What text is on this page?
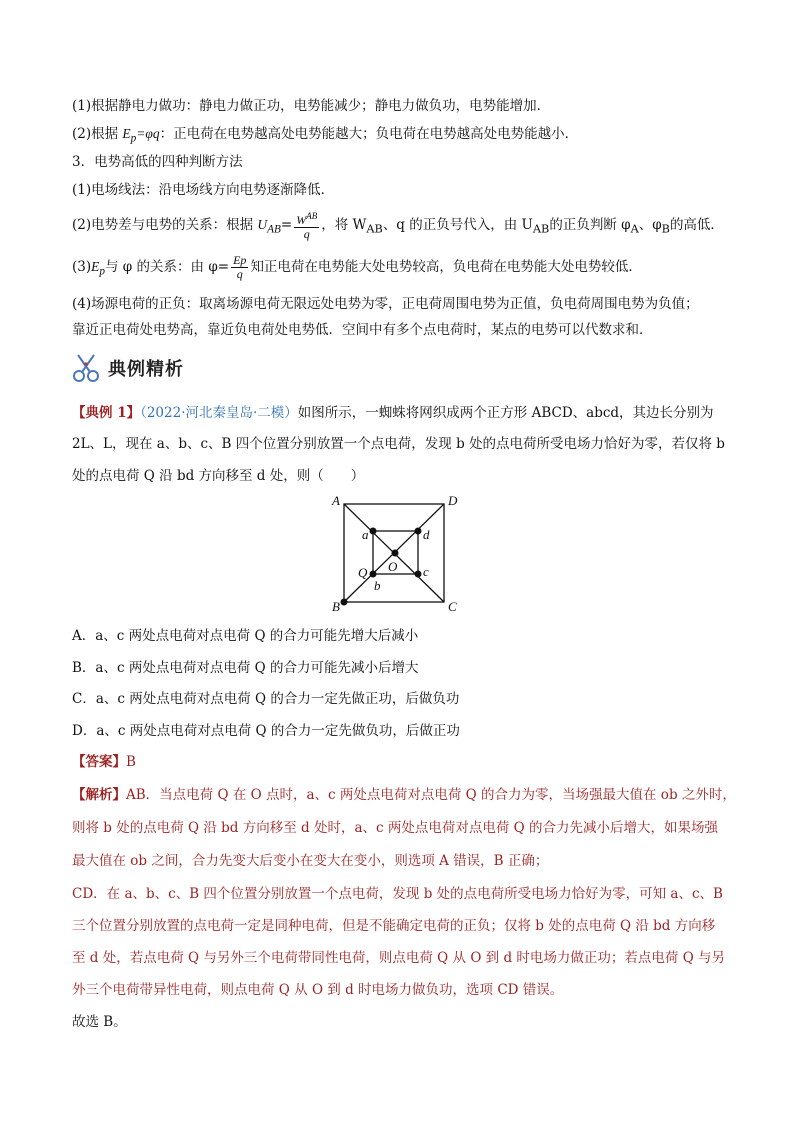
(1)根据静电力做功：静电力做正功，电势能减少；静电力做负功，电势能增加．
(2)根据 $E_p=\varphi q$：正电荷在电势越高处电势能越大；负电荷在电势越高处电势能越小．
3．电势高低的四种判断方法
(1)电场线法：沿电场线方向电势逐渐降低．
(2)电势差与电势的关系：根据 $U_{AB}= \frac{W^{AB}}{q}$ ，将 $W_{AB}$、q 的正负号代入，由 $U_{AB}$的正负判断 $\varphi_A$、$\varphi_B$的高低．
$(3)E_p$与 φ 的关系：由 $\varphi= \frac{Ep}{q}$ 知正电荷在电势能大处电势较高，负电荷在电势能大处电势较低．
(4)场源电荷的正负：取离场源电荷无限远处电势为零，正电荷周围电势为正值，负电荷周围电势为负值；
靠近正电荷处电势高，靠近负电荷处电势低．空间中有多个点电荷时，某点的电势可以代数求和．
典例精析
【典例 1】（2022·河北秦皇岛·二模）如图所示，一蜘蛛将网织成两个正方形 ABCD、abcd，其边长分别为
2L、L，现在 a、b、c、B 四个位置分别放置一个点电荷，发现 b 处的点电荷所受电场力恰好为零，若仅将 b
处的点电荷 Q 沿 bd 方向移至 d 处，则（　　）
A	D
B	C
a	d
c
b
O
Q
A．a、c 两处点电荷对点电荷 Q 的合力可能先增大后减小
B．a、c 两处点电荷对点电荷 Q 的合力可能先减小后增大
C．a、c 两处点电荷对点电荷 Q 的合力一定先做正功，后做负功
D．a、c 两处点电荷对点电荷 Q 的合力一定先做负功，后做正功
【答案】B
【解析】AB．当点电荷 Q 在 O 点时，a、c 两处点电荷对点电荷 Q 的合力为零，当场强最大值在 ob 之外时，
则将 b 处的点电荷 Q 沿 bd 方向移至 d 处时，a、c 两处点电荷对点电荷 Q 的合力先减小后增大，如果场强
最大值在 ob 之间，合力先变大后变小在变大在变小，则选项 A 错误，B 正确；
CD．在 a、b、c、B 四个位置分别放置一个点电荷，发现 b 处的点电荷所受电场力恰好为零，可知 a、c、B
三个位置分别放置的点电荷一定是同种电荷，但是不能确定电荷的正负；仅将 b 处的点电荷 Q 沿 bd 方向移
至 d 处，若点电荷 Q 与另外三个电荷带同性电荷，则点电荷 Q 从 O 到 d 时电场力做正功；若点电荷 Q 与另
外三个电荷带异性电荷，则点电荷 Q 从 O 到 d 时电场力做负功，选项 CD 错误。
故选 B。
